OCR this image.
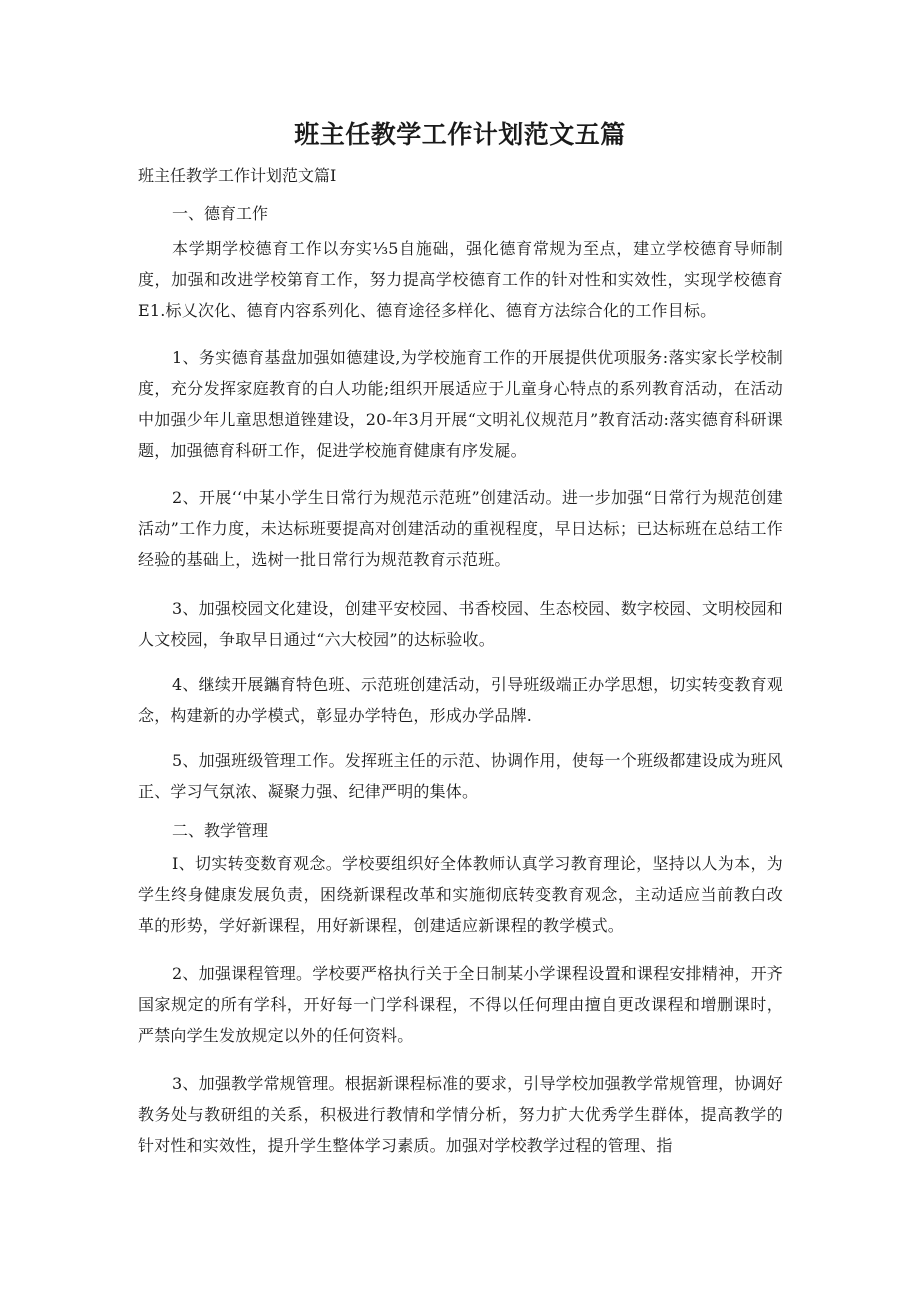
班主任教学工作计划范文五篇

班主任教学工作计划范文篇I

一、德育工作

本学期学校德育工作以夯实⅓5自施础，强化德育常规为至点，建立学校德育导师制度，加强和改进学校第育工作，努力提高学校德育工作的针对性和实效性，实现学校德育E1.标乂次化、德育内容系列化、德育途径多样化、德育方法综合化的工作目标。

1、务实德育基盘加强如德建设,为学校施育工作的开展提供优项服务:落实家长学校制度，充分发挥家庭教育的白人功能;组织开展适应于儿童身心特点的系列教育活动，在活动中加强少年儿童思想道锉建设，20-年3月开展“文明礼仪规范月”教育活动:落实德育科研课题，加强德育科研工作，促进学校施育健康有序发屣。

2、开展‘‘中某小学生日常行为规范示范班”创建活动。进一步加强“日常行为规范创建活动”工作力度，未达标班要提高对创建活动的重视程度，早日达标；已达标班在总结工作经验的基础上，选树一批日常行为规范教育示范班。

3、加强校园文化建设，创建平安校园、书香校园、生态校园、数字校园、文明校园和人文校园，争取早日通过“六大校园”的达标验收。

4、继续开展鑴育特色班、示范班创建活动，引导班级端正办学思想，切实转变教育观念，构建新的办学模式，彰显办学特色，形成办学品牌.

5、加强班级管理工作。发挥班主任的示范、协调作用，使每一个班级都建设成为班风正、学习气氛浓、凝聚力强、纪律严明的集体。

二、教学管理

I、切实转变数育观念。学校要组织好全体教师认真学习教育理论，坚持以人为本，为学生终身健康发展负责，困绕新课程改革和实施彻底转变教育观念，主动适应当前教白改革的形势，学好新课程，用好新课程，创建适应新课程的教学模式。

2、加强课程管理。学校要严格执行关于全日制某小学课程设置和课程安排精神，开齐国家规定的所有学科，开好每一门学科课程，不得以任何理由擅自更改课程和增删课时，严禁向学生发放规定以外的任何资料。

3、加强教学常规管理。根据新课程标准的要求，引导学校加强教学常规管理，协调好教务处与教研组的关系，积极进行教情和学情分析，努力扩大优秀学生群体，提高教学的针对性和实效性，提升学生整体学习素质。加强对学校教学过程的管理、指
